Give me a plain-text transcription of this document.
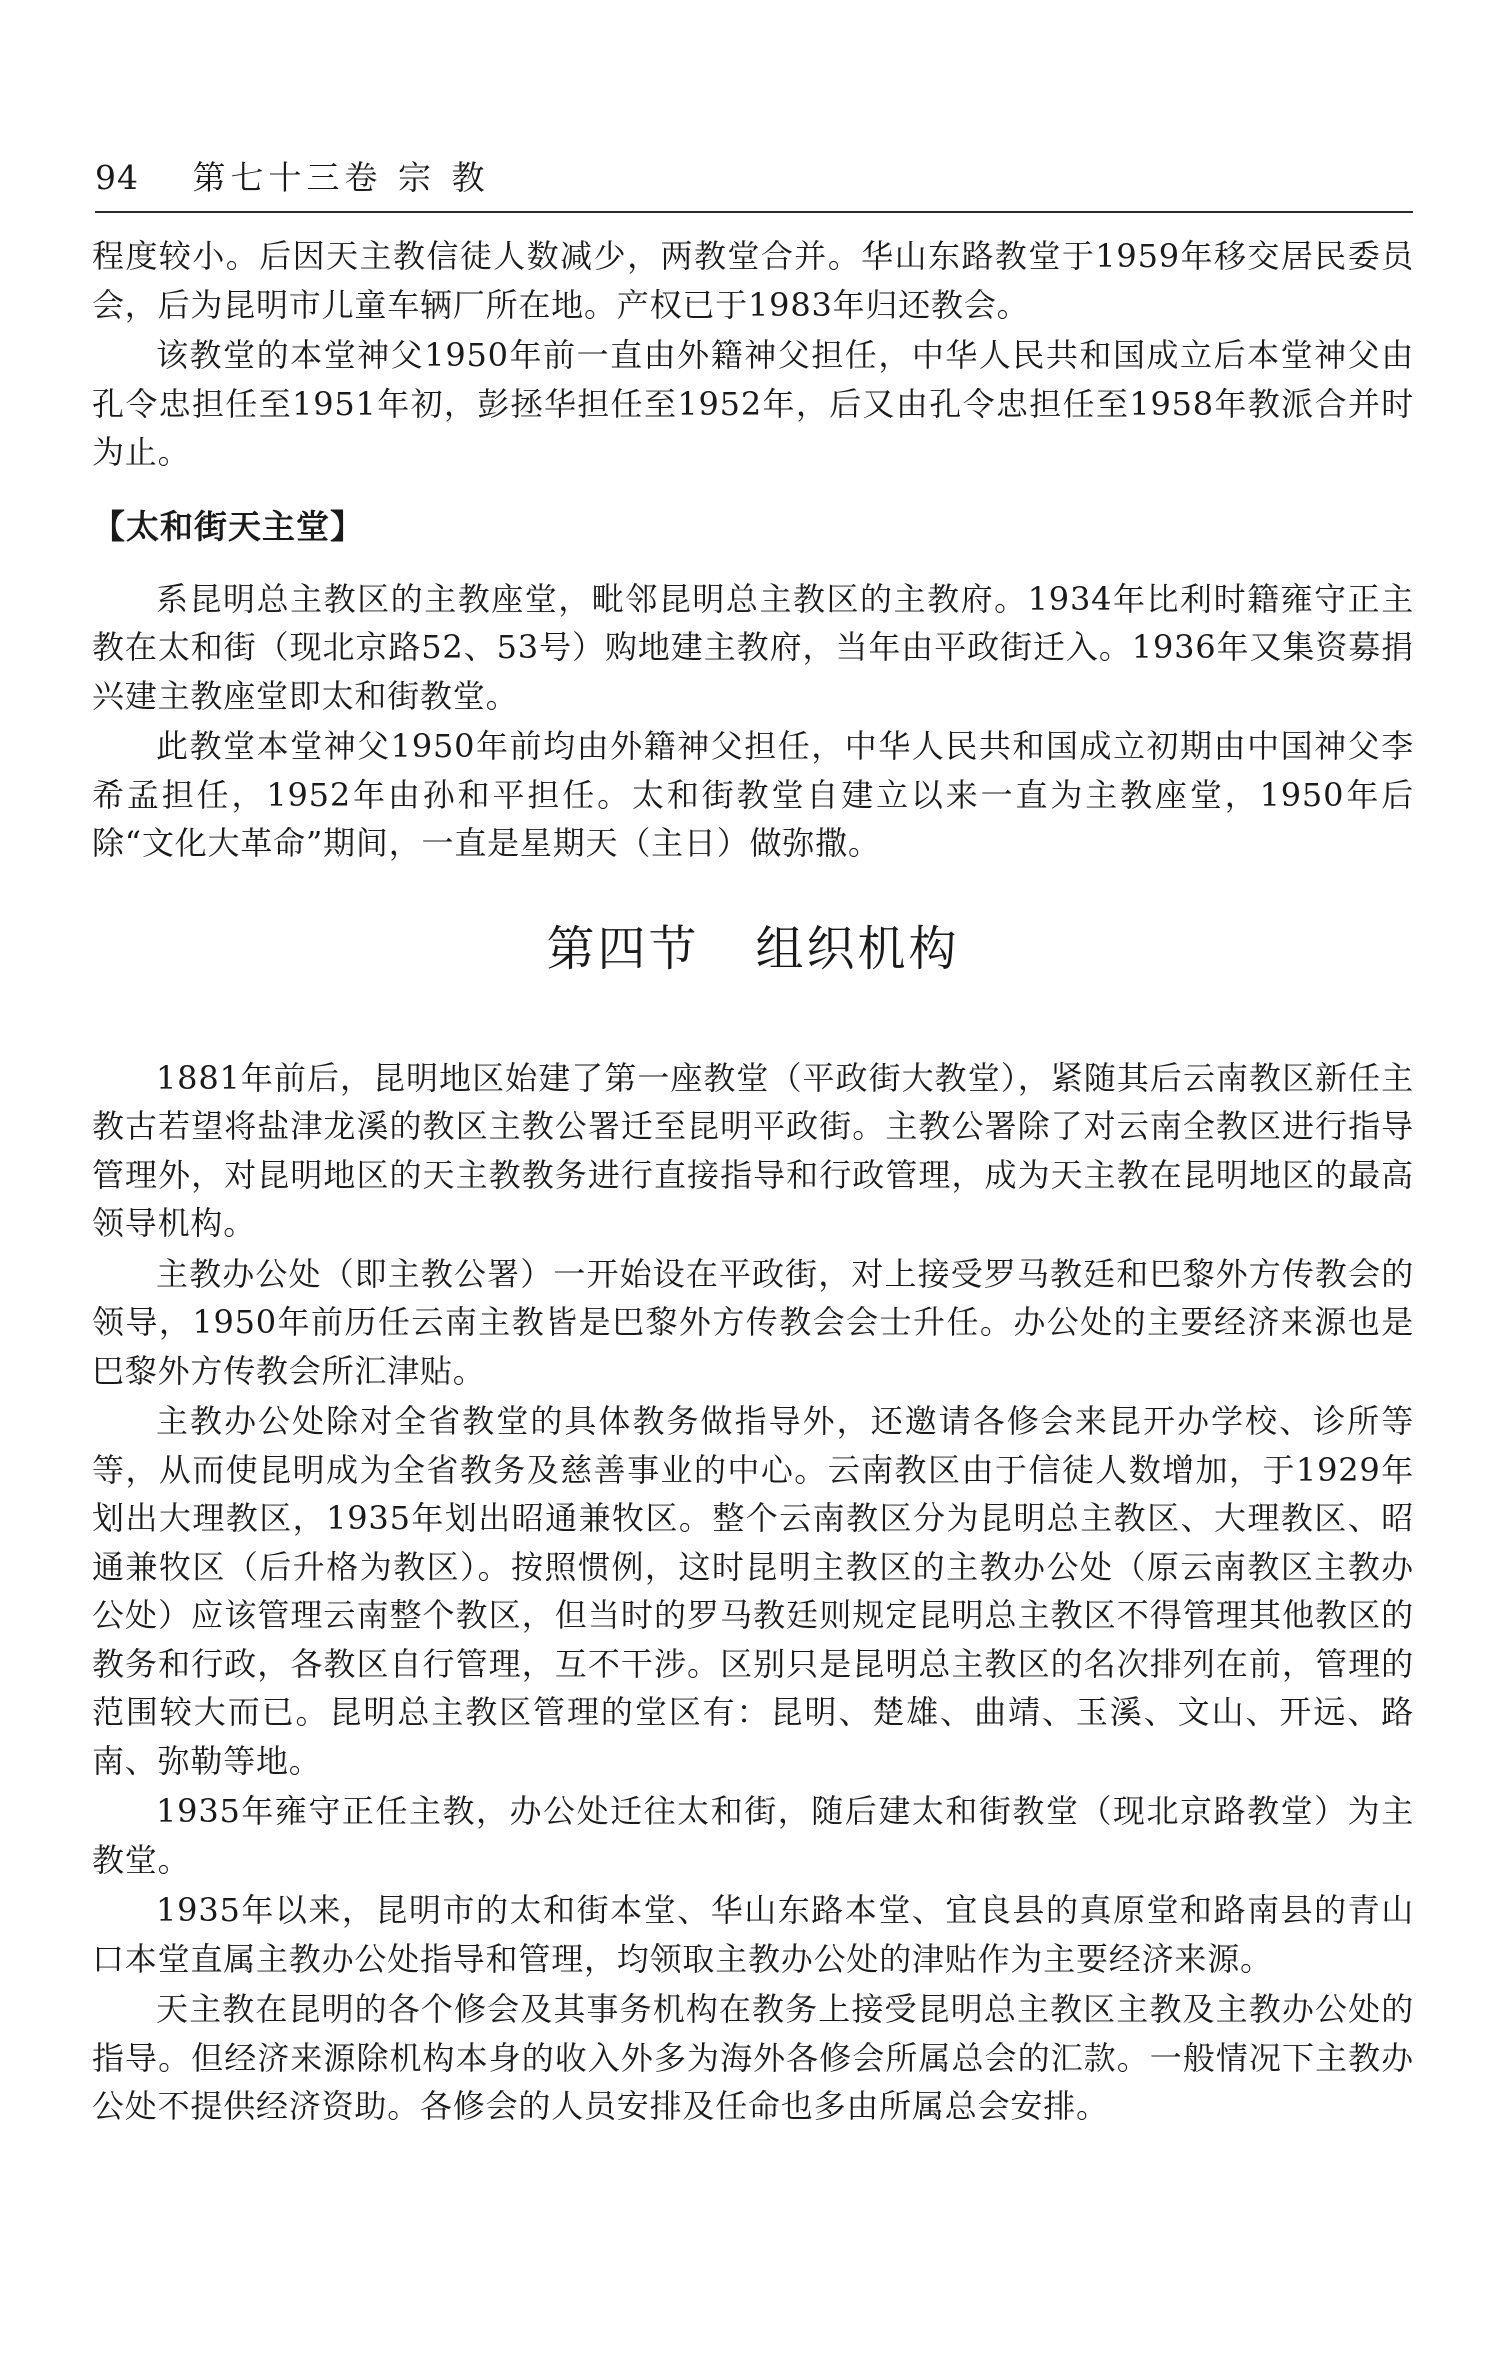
94 第七十三卷 宗 教

程度较小。后因天主教信徒人数减少，两教堂合并。华山东路教堂于1959年移交居民委员会，后为昆明市儿童车辆厂所在地。产权已于1983年归还教会。

该教堂的本堂神父1950年前一直由外籍神父担任，中华人民共和国成立后本堂神父由孔令忠担任至1951年初，彭拯华担任至1952年，后又由孔令忠担任至1958年教派合并时为止。

【太和街天主堂】

系昆明总主教区的主教座堂，毗邻昆明总主教区的主教府。1934年比利时籍雍守正主教在太和街（现北京路52、53号）购地建主教府，当年由平政街迁入。1936年又集资募捐兴建主教座堂即太和街教堂。

此教堂本堂神父1950年前均由外籍神父担任，中华人民共和国成立初期由中国神父李希孟担任，1952年由孙和平担任。太和街教堂自建立以来一直为主教座堂，1950年后除“文化大革命”期间，一直是星期天（主日）做弥撒。

第四节 组织机构

1881年前后，昆明地区始建了第一座教堂（平政街大教堂），紧随其后云南教区新任主教古若望将盐津龙溪的教区主教公署迁至昆明平政街。主教公署除了对云南全教区进行指导管理外，对昆明地区的天主教教务进行直接指导和行政管理，成为天主教在昆明地区的最高领导机构。

主教办公处（即主教公署）一开始设在平政街，对上接受罗马教廷和巴黎外方传教会的领导，1950年前历任云南主教皆是巴黎外方传教会会士升任。办公处的主要经济来源也是巴黎外方传教会所汇津贴。

主教办公处除对全省教堂的具体教务做指导外，还邀请各修会来昆开办学校、诊所等等，从而使昆明成为全省教务及慈善事业的中心。云南教区由于信徒人数增加，于1929年划出大理教区，1935年划出昭通兼牧区。整个云南教区分为昆明总主教区、大理教区、昭通兼牧区（后升格为教区）。按照惯例，这时昆明主教区的主教办公处（原云南教区主教办公处）应该管理云南整个教区，但当时的罗马教廷则规定昆明总主教区不得管理其他教区的教务和行政，各教区自行管理，互不干涉。区别只是昆明总主教区的名次排列在前，管理的范围较大而已。昆明总主教区管理的堂区有：昆明、楚雄、曲靖、玉溪、文山、开远、路南、弥勒等地。

1935年雍守正任主教，办公处迁往太和街，随后建太和街教堂（现北京路教堂）为主教堂。

1935年以来，昆明市的太和街本堂、华山东路本堂、宜良县的真原堂和路南县的青山口本堂直属主教办公处指导和管理，均领取主教办公处的津贴作为主要经济来源。

天主教在昆明的各个修会及其事务机构在教务上接受昆明总主教区主教及主教办公处的指导。但经济来源除机构本身的收入外多为海外各修会所属总会的汇款。一般情况下主教办公处不提供经济资助。各修会的人员安排及任命也多由所属总会安排。
